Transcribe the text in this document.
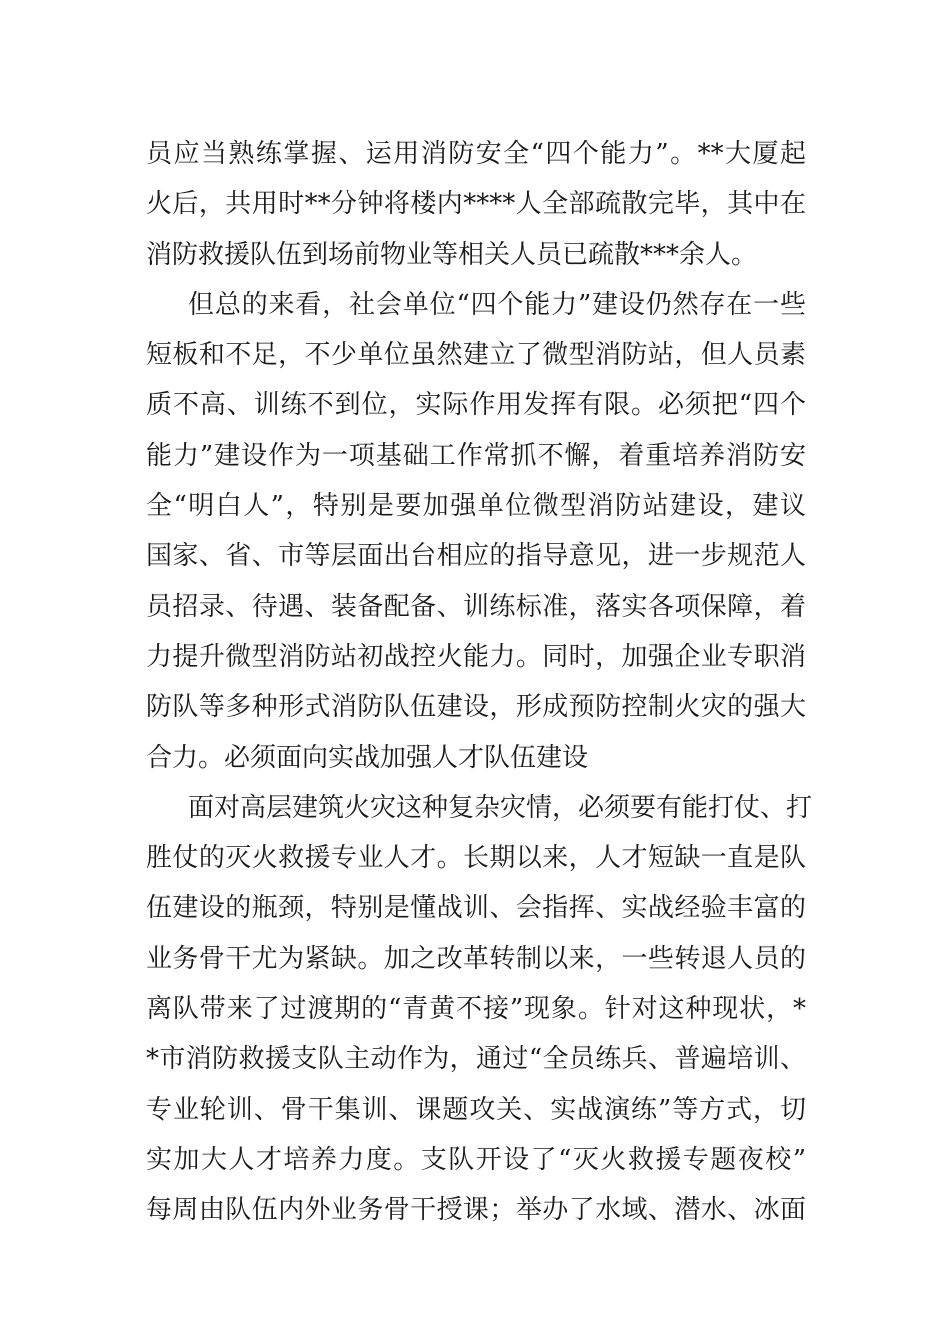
员应当熟练掌握、运用消防安全“四个能力”。**大厦起
火后，共用时**分钟将楼内****人全部疏散完毕，其中在
消防救援队伍到场前物业等相关人员已疏散***余人。
但总的来看，社会单位“四个能力”建设仍然存在一些
短板和不足，不少单位虽然建立了微型消防站，但人员素
质不高、训练不到位，实际作用发挥有限。必须把“四个
能力”建设作为一项基础工作常抓不懈，着重培养消防安
全“明白人”，特别是要加强单位微型消防站建设，建议
国家、省、市等层面出台相应的指导意见，进一步规范人
员招录、待遇、装备配备、训练标准，落实各项保障，着
力提升微型消防站初战控火能力。同时，加强企业专职消
防队等多种形式消防队伍建设，形成预防控制火灾的强大
合力。必须面向实战加强人才队伍建设
面对高层建筑火灾这种复杂灾情，必须要有能打仗、打
胜仗的灭火救援专业人才。长期以来，人才短缺一直是队
伍建设的瓶颈，特别是懂战训、会指挥、实战经验丰富的
业务骨干尤为紧缺。加之改革转制以来，一些转退人员的
离队带来了过渡期的“青黄不接”现象。针对这种现状，*
*市消防救援支队主动作为，通过“全员练兵、普遍培训、
专业轮训、骨干集训、课题攻关、实战演练”等方式，切
实加大人才培养力度。支队开设了“灭火救援专题夜校”
每周由队伍内外业务骨干授课；举办了水域、潜水、冰面
